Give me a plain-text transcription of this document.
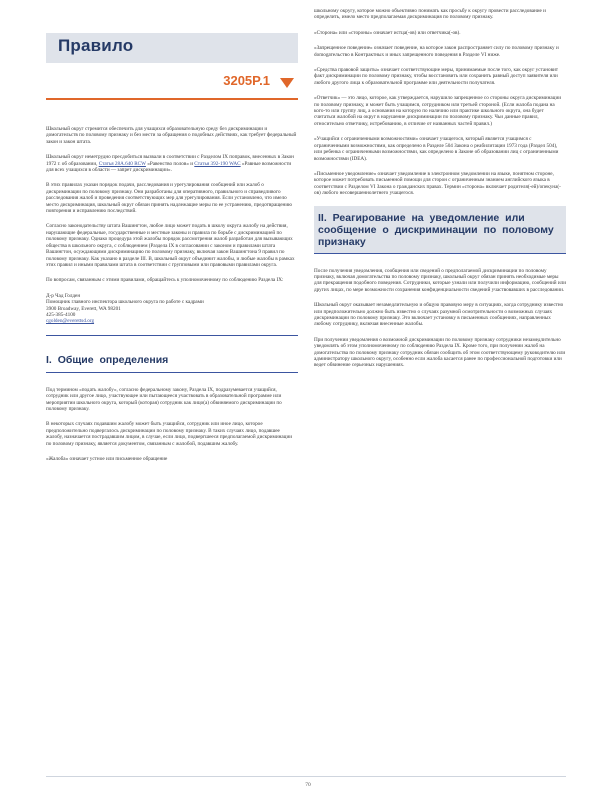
Правило
3205P.1

Школьный округ стремится обеспечить для учащихся образовательную среду без дискриминации и домогательств по половому признаку и без мести за обращения о подобных действиях, как требует федеральный закон и закон штата.

Школьный округ неметрудно пресдобиться вызвали в соответствии с Разделом IX поправок, внесенных в Закон 1972 г. об образовании, Статья 28A.640 RCW «Равенство полов» и Статья 392-190 WAC «Равные возможности для всех учащихся в области — запрет дискриминации».

В этих правилах указан порядок подачи, расследования и урегулирования сообщений или жалоб о дискриминации по половому признаку. Они разработаны для оперативного, правильного и справедливого расследования жалоб и проведения соответствующих мер для урегулирования. Если установлено, что имело место дискриминация, школьный округ обязан принять надлежащие меры по ее устранению, предотвращению повторения и исправлению последствий.

Согласно законодательству штата Вашингтон, любое лицо может подать в школу округа жалобу на действия, нарушающие федеральные, государственные и местные законы и правила по борьбе с дискриминацией по половому признаку. Однако процедура этой жалобы порядок рассмотрения жалоб разработан для вызывающих общества в школьного округа, с соблюдением (Раздела IX в согласовании с законом и правилами штата Вашингтон, осуждающими дискриминацию по половому признаку, включая закон Вашингтона 9 правил по половому признаку. Как указано в разделе III. В, школьный округ объединит жалобы, и любые жалобы в рамках этих правил и иными правилами штата в соответствии с групповыми или правовыми правилами округа.

По вопросам, связанным с этими правилами, обращайтесь к уполномоченному по соблюдению Раздела IX:

Д-р Чад Голден

Помощник главного инспектора школьного округа по работе с кадрами

3900 Broadway, Everett, WA 98201

425-385-4100

cgolden@everettsd.org

I. Общие определения

Под термином «подать жалобу», согласно федеральному закону, Раздела IX, подразумевается учащийся, сотрудник или другое лицо, участвующее или пытающееся участвовать в образовательной программе или мероприятии школьного округа, который (которая) сотрудник как лицо(а) обвиняемого дискриминации по половому признаку.

В некоторых случаях подавшим жалобу может быть учащийся, сотрудник или иное лицо, которое предположительно подвергалось дискриминации по половому признаку. В таких случаях лицо, подавшее жалобу, назначается пострадавшим лицом, в случае, если лицо, подвергшееся предполагаемой дискриминации по половому признаку, является документом, связанным с жалобой, подавшим жалобу.

«Жалоба» означает устное или письменное обращение

школьному округу, которое можно объективно понимать как просьбу к округу провести расследование и определить, имело место предполагаемая дискриминация по половому признаку.

«Сторона» или «стороны» означает истца(-ов) или ответчика(-ов).

«Запрещенное поведение» означает поведение, на которое закон распространяет силу по половому признаку и domogательство в Контрактных и иных запрещенного поведения в Разделе VI ниже.

«Средства правовой защиты» означает соответствующие меры, принимаемые после того, как округ установит факт дискриминации по половому признаку, чтобы восстановить или сохранить равный доступ заявителя или любого другого лица к образовательной программе или деятельности получателя.

«Ответчик» — это лицо, которое, как утверждается, нарушило запрещенное со стороны округа дискриминации по половому признаку, и может быть учащимся, сотрудником или третьей стороной. (Если жалоба подана на кого-то или группу лиц, а основания на которую по наличию или практике школьного округа, она будет считаться жалобой на округ в нарушение дискриминации по половому признаку. Чьи данные правил, относительно ответчику, истребованию, в отличие от названных частей правил.)

«Учащийся с ограниченными возможностями» означает учащегося, который является учащимся с ограниченными возможностями, как определено в Разделе 504 Закона о реабилитации 1973 года (Раздел 504), или ребенка с ограниченными возможностями, как определено в Законе об образовании лиц с ограниченными возможностями (IDEA).

«Письменное уведомление» означает уведомление в электронном уведомлении на языке, понятном стороне, которое может потребовать письменной помощи для сторон с ограниченным знанием английского языка в соответствии с Разделом VI Закона о гражданских правах. Термин «сторона» включает родителя(-ей)/опекуна(-ов) любого несовершеннолетнего учащегося.

II. Реагирование на уведомление или сообщение о дискриминации по половому признаку

После получения уведомления, сообщения или сведений о предполагаемой дискриминации по половому признаку, включая домогательства по половому признаку, школьный округ обязан принять необходимые меры для прекращения подобного поведения. Сотрудники, которые узнали или получили информацию, сообщений или других лицах, по мере возможности сохранения конфиденциальности сведений участвовавших в расследовании.

Школьный округ оказывает незамедлительную и общую правовую меру в ситуациях, когда сотруднику известно или предположительно должно быть известно о случаях разумной осмотрительности о возможных случаях дискриминации по половому признаку. Это включает установку в письменных сообщениях, направленных любому сотруднику, включая внесенные жалобы.

При получении уведомления о возможной дискриминации по половому признаку сотрудники незамедлительно уведомлять об этом уполномоченному по соблюдению Раздела IX. Кроме того, при получении жалоб на домогательства по половому признаку сотрудник обязан сообщить об этом соответствующему руководителю или администратору школьного округу, особенно если жалоба касается ранее по профессиональной подготовки или ведет обвинение серьезных нарушениях.

70
